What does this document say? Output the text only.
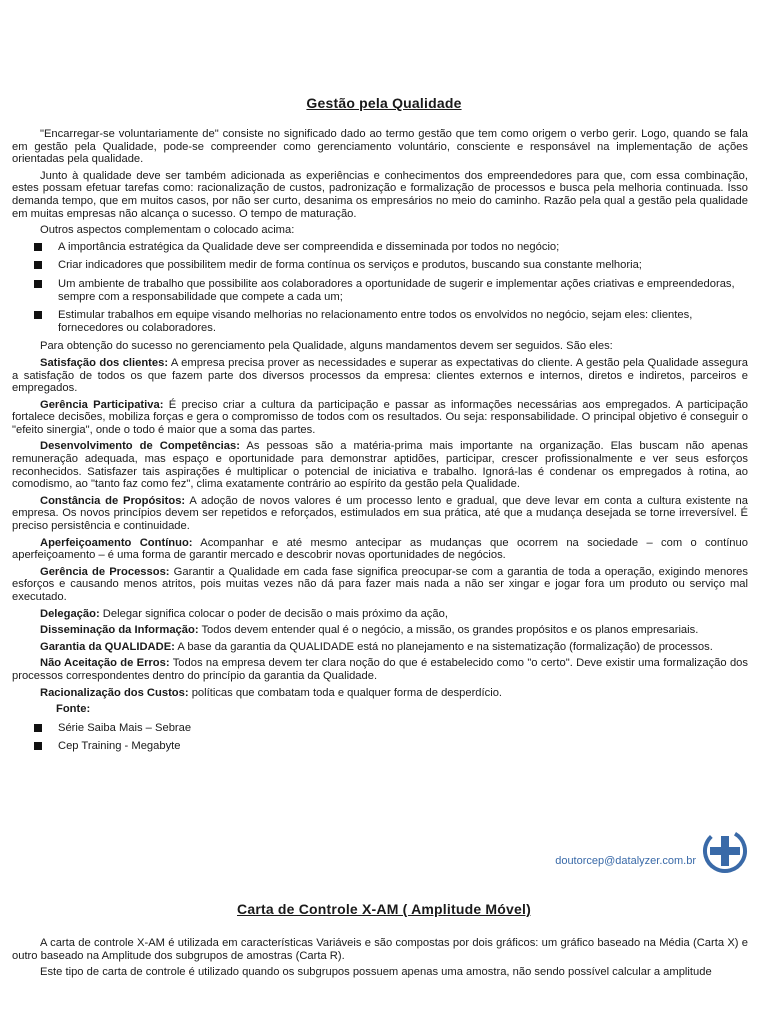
Gestão pela Qualidade

"Encarregar-se voluntariamente de" consiste no significado dado ao termo gestão que tem como origem o verbo gerir. Logo, quando se fala em gestão pela Qualidade, pode-se compreender como gerenciamento voluntário, consciente e responsável na implementação de ações orientadas pela qualidade.

Junto à qualidade deve ser também adicionada as experiências e conhecimentos dos empreendedores para que, com essa combinação, estes possam efetuar tarefas como: racionalização de custos, padronização e formalização de processos e busca pela melhoria continuada. Isso demanda tempo, que em muitos casos, por não ser curto, desanima os empresários no meio do caminho. Razão pela qual a gestão pela qualidade em muitas empresas não alcança o sucesso. O tempo de maturação.

Outros aspectos complementam o colocado acima:

A importância estratégica da Qualidade deve ser compreendida e disseminada por todos no negócio;
Criar indicadores que possibilitem medir de forma contínua os serviços e produtos, buscando sua constante melhoria;
Um ambiente de trabalho que possibilite aos colaboradores a oportunidade de sugerir e implementar ações criativas e empreendedoras, sempre com a responsabilidade que compete a cada um;
Estimular trabalhos em equipe visando melhorias no relacionamento entre todos os envolvidos no negócio, sejam eles: clientes, fornecedores ou colaboradores.

Para obtenção do sucesso no gerenciamento pela Qualidade, alguns mandamentos devem ser seguidos. São eles:

Satisfação dos clientes: A empresa precisa prover as necessidades e superar as expectativas do cliente. A gestão pela Qualidade assegura a satisfação de todos os que fazem parte dos diversos processos da empresa: clientes externos e internos, diretos e indiretos, parceiros e empregados.

Gerência Participativa: É preciso criar a cultura da participação e passar as informações necessárias aos empregados. A participação fortalece decisões, mobiliza forças e gera o compromisso de todos com os resultados. Ou seja: responsabilidade. O principal objetivo é conseguir o "efeito sinergia", onde o todo é maior que a soma das partes.

Desenvolvimento de Competências: As pessoas são a matéria-prima mais importante na organização. Elas buscam não apenas remuneração adequada, mas espaço e oportunidade para demonstrar aptidões, participar, crescer profissionalmente e ver seus esforços reconhecidos. Satisfazer tais aspirações é multiplicar o potencial de iniciativa e trabalho. Ignorá-las é condenar os empregados à rotina, ao comodismo, ao "tanto faz como fez", clima exatamente contrário ao espírito da gestão pela Qualidade.

Constância de Propósitos: A adoção de novos valores é um processo lento e gradual, que deve levar em conta a cultura existente na empresa. Os novos princípios devem ser repetidos e reforçados, estimulados em sua prática, até que a mudança desejada se torne irreversível. É preciso persistência e continuidade.

Aperfeiçoamento Contínuo: Acompanhar e até mesmo antecipar as mudanças que ocorrem na sociedade – com o contínuo aperfeiçoamento – é uma forma de garantir mercado e descobrir novas oportunidades de negócios.

Gerência de Processos: Garantir a Qualidade em cada fase significa preocupar-se com a garantia de toda a operação, exigindo menores esforços e causando menos atritos, pois muitas vezes não dá para fazer mais nada a não ser xingar e jogar fora um produto ou serviço mal executado.

Delegação: Delegar significa colocar o poder de decisão o mais próximo da ação,

Disseminação da Informação: Todos devem entender qual é o negócio, a missão, os grandes propósitos e os planos empresariais.

Garantia da QUALIDADE: A base da garantia da QUALIDADE está no planejamento e na sistematização (formalização) de processos.

Não Aceitação de Erros: Todos na empresa devem ter clara noção do que é estabelecido como "o certo". Deve existir uma formalização dos processos correspondentes dentro do princípio da garantia da Qualidade.

Racionalização dos Custos: políticas que combatam toda e qualquer forma de desperdício.

Fonte:
Série Saiba Mais – Sebrae
Cep Training - Megabyte
doutorcep@datalyzer.com.br
Carta de Controle X-AM ( Amplitude Móvel)

A carta de controle X-AM é utilizada em características Variáveis e são compostas por dois gráficos: um gráfico baseado na Média (Carta X) e outro baseado na Amplitude dos subgrupos de amostras (Carta R).

Este tipo de carta de controle é utilizado quando os subgrupos possuem apenas uma amostra, não sendo possível calcular a amplitude
